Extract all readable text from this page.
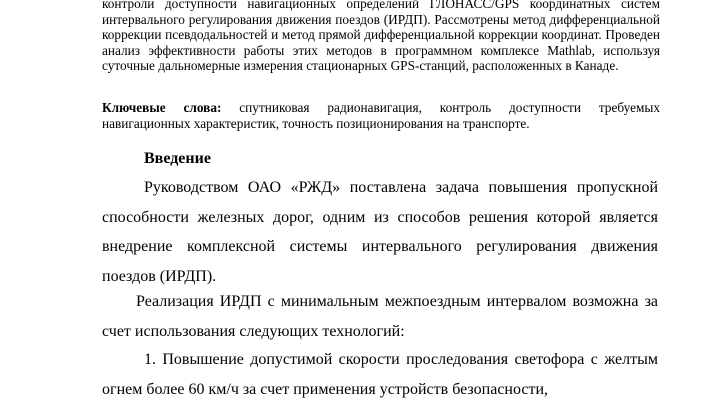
контроли доступности навигационных определений ГЛОНАСС/GPS координатных систем интервального регулирования движения поездов (ИРДП). Рассмотрены метод дифференциальной коррекции псевдодальностей и метод прямой дифференциальной коррекции координат. Проведен анализ эффективности работы этих методов в программном комплексе Mathlab, используя суточные дальномерные измерения стационарных GPS-станций, расположенных в Канаде.

Ключевые слова: спутниковая радионавигация, контроль доступности требуемых навигационных характеристик, точность позиционирования на транспорте.

Введение

Руководством ОАО «РЖД» поставлена задача повышения пропускной способности железных дорог, одним из способов решения которой является внедрение комплексной системы интервального регулирования движения поездов (ИРДП).

Реализация ИРДП с минимальным межпоездным интервалом возможна за счет использования следующих технологий:

1. Повышение допустимой скорости проследования светофора с желтым огнем более 60 км/ч за счет применения устройств безопасности,
